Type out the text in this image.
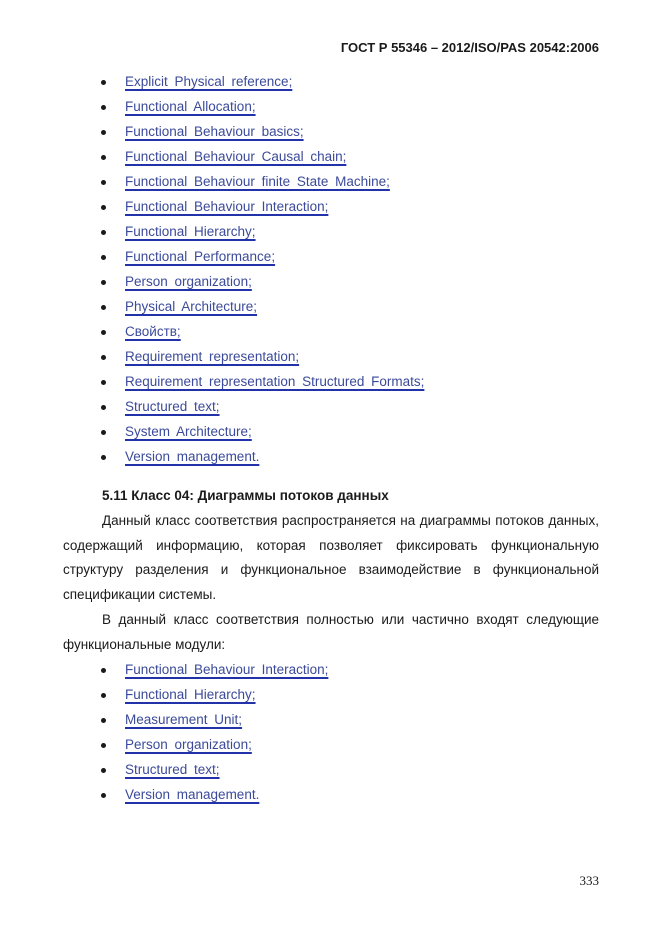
ГОСТ Р 55346 – 2012/ISO/PAS 20542:2006
Explicit Physical reference;
Functional Allocation;
Functional Behaviour basics;
Functional Behaviour Causal chain;
Functional Behaviour finite State Machine;
Functional Behaviour Interaction;
Functional Hierarchy;
Functional Performance;
Person organization;
Physical Architecture;
Свойств;
Requirement representation;
Requirement representation Structured Formats;
Structured text;
System Architecture;
Version management.
5.11 Класс 04: Диаграммы потоков данных

Данный класс соответствия распространяется на диаграммы потоков данных, содержащий информацию, которая позволяет фиксировать функциональную структуру разделения и функциональное взаимодействие в функциональной спецификации системы.

В данный класс соответствия полностью или частично входят следующие функциональные модули:

Functional Behaviour Interaction;
Functional Hierarchy;
Measurement Unit;
Person organization;
Structured text;
Version management.
333
